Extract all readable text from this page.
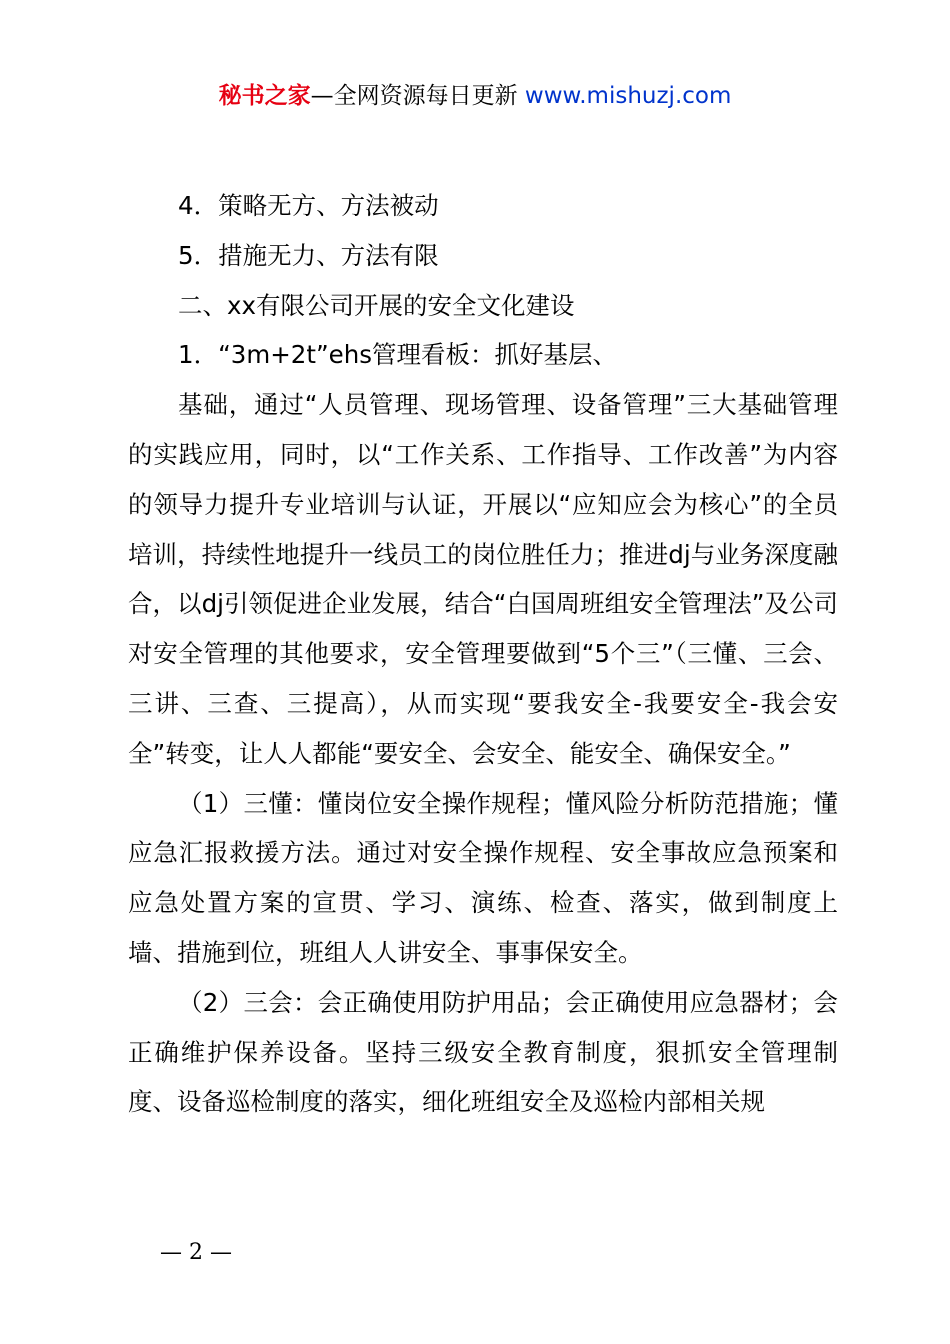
秘书之家—全网资源每日更新 www.mishuzj.com

4．策略无方、方法被动

5．措施无力、方法有限

二、xx有限公司开展的安全文化建设

1．“3m+2t”ehs管理看板：抓好基层、

基础，通过“人员管理、现场管理、设备管理”三大基础管理的实践应用，同时，以“工作关系、工作指导、工作改善”为内容的领导力提升专业培训与认证，开展以“应知应会为核心”的全员培训，持续性地提升一线员工的岗位胜任力；推进dj与业务深度融合，以dj引领促进企业发展，结合“白国周班组安全管理法”及公司对安全管理的其他要求，安全管理要做到“5个三”（三懂、三会、三讲、三查、三提高），从而实现“要我安全-我要安全-我会安全”转变，让人人都能“要安全、会安全、能安全、确保安全。”

（1）三懂：懂岗位安全操作规程；懂风险分析防范措施；懂应急汇报救援方法。通过对安全操作规程、安全事故应急预案和应急处置方案的宣贯、学习、演练、检查、落实，做到制度上墙、措施到位，班组人人讲安全、事事保安全。

（2）三会：会正确使用防护用品；会正确使用应急器材；会正确维护保养设备。坚持三级安全教育制度，狠抓安全管理制度、设备巡检制度的落实，细化班组安全及巡检内部相关规

— 2 —
